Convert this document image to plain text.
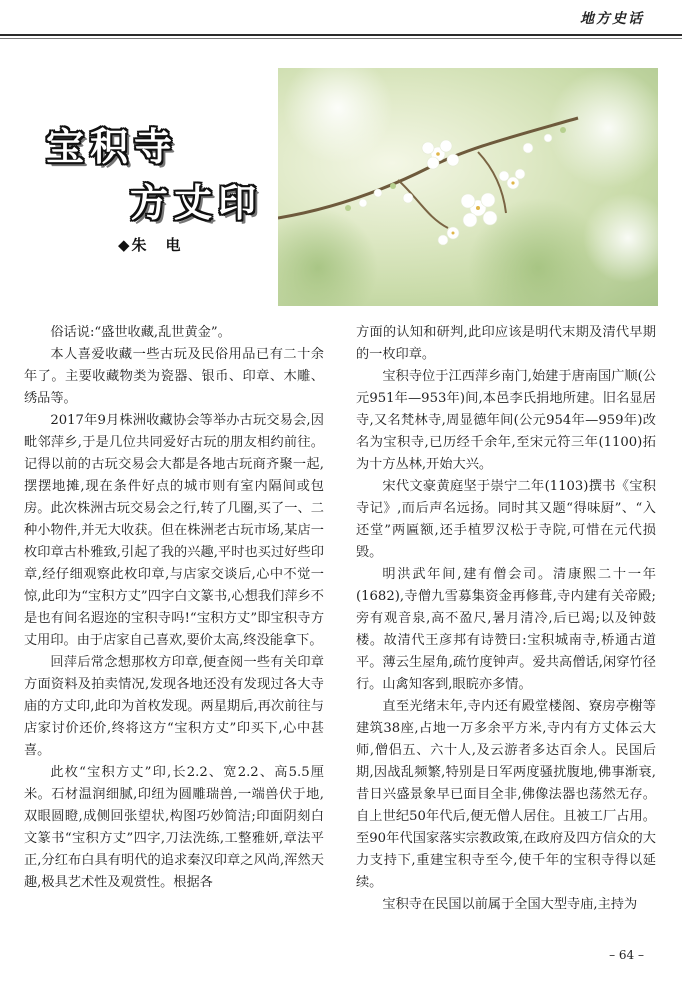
地方史话
宝积寺
方丈印
◆朱　电

俗话说:“盛世收藏,乱世黄金”。

本人喜爱收藏一些古玩及民俗用品已有二十余年了。主要收藏物类为瓷器、银币、印章、木雕、绣品等。

2017年9月株洲收藏协会等举办古玩交易会,因毗邻萍乡,于是几位共同爱好古玩的朋友相约前往。记得以前的古玩交易会大都是各地古玩商齐聚一起,摆摆地摊,现在条件好点的城市则有室内隔间或包房。此次株洲古玩交易会之行,转了几圈,买了一、二种小物件,并无大收获。但在株洲老古玩市场,某店一枚印章古朴雅致,引起了我的兴趣,平时也买过好些印章,经仔细观察此枚印章,与店家交谈后,心中不觉一惊,此印为“宝积方丈”四字白文篆书,心想我们萍乡不是也有间名遐迩的宝积寺吗!“宝积方丈”即宝积寺方丈用印。由于店家自己喜欢,要价太高,终没能拿下。

回萍后常念想那枚方印章,便查阅一些有关印章方面资料及拍卖情况,发现各地还没有发现过各大寺庙的方丈印,此印为首枚发现。两星期后,再次前往与店家讨价还价,终将这方“宝积方丈”印买下,心中甚喜。

此枚“宝积方丈”印,长2.2、宽2.2、高5.5厘米。石材温润细腻,印纽为圆雕瑞兽,一端兽伏于地,双眼圆瞪,成侧回张望状,构图巧妙简洁;印面阴刻白文篆书“宝积方丈”四字,刀法洗练,工整雅妍,章法平正,分红布白具有明代的追求秦汉印章之风尚,浑然天趣,极具艺术性及观赏性。根据各

方面的认知和研判,此印应该是明代末期及清代早期的一枚印章。

宝积寺位于江西萍乡南门,始建于唐南国广顺(公元951年—953年)间,本邑李氏捐地所建。旧名显居寺,又名梵林寺,周显德年间(公元954年—959年)改名为宝积寺,已历经千余年,至宋元符三年(1100)拓为十方丛林,开始大兴。

宋代文豪黄庭坚于崇宁二年(1103)撰书《宝积寺记》,而后声名远扬。同时其又题“得味厨”、“入还堂”两匾额,还手植罗汉松于寺院,可惜在元代损毁。

明洪武年间,建有僧会司。清康熙二十一年(1682),寺僧九雪募集资金再修葺,寺内建有关帝殿;旁有观音泉,高不盈尺,暑月清冷,后已竭;以及钟鼓楼。故清代王彦邦有诗赞曰:宝积城南寺,桥通古道平。薄云生屋角,疏竹度钟声。爱共高僧话,闲穿竹径行。山禽知客到,眼睆亦多情。

直至光绪末年,寺内还有殿堂楼阁、寮房亭榭等建筑38座,占地一万多余平方米,寺内有方丈体云大师,僧侣五、六十人,及云游者多达百余人。民国后期,因战乱频繁,特别是日军两度骚扰腹地,佛事渐衰,昔日兴盛景象早已面目全非,佛像法器也荡然无存。自上世纪50年代后,便无僧人居住。且被工厂占用。至90年代国家落实宗教政策,在政府及四方信众的大力支持下,重建宝积寺至今,使千年的宝积寺得以延续。

宝积寺在民国以前属于全国大型寺庙,主持为

– 64 –
